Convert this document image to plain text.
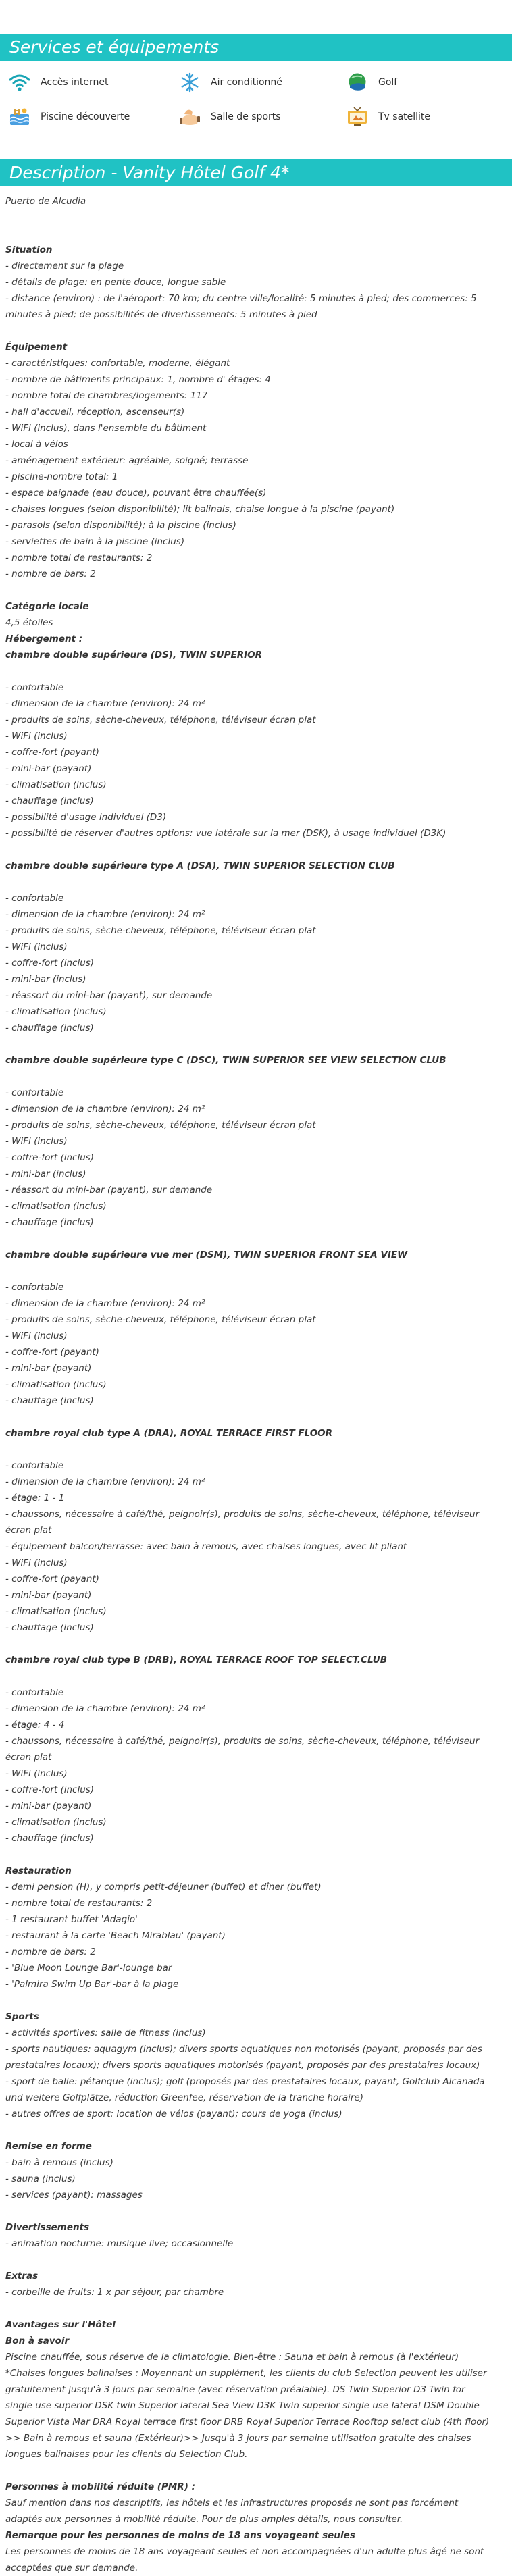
Services et équipements
Accès internet	Air conditionné	Golf
Piscine découverte	Salle de sports	Tv satellite
Description - Vanity Hôtel Golf 4*
Puerto de Alcudia
Situation
- directement sur la plage
- détails de plage: en pente douce, longue sable
- distance (environ) : de l'aéroport: 70 km; du centre ville/localité: 5 minutes à pied; des commerces: 5 minutes à pied; de possibilités de divertissements: 5 minutes à pied
Équipement
- caractéristiques: confortable, moderne, élégant
- nombre de bâtiments principaux: 1, nombre d' étages: 4
- nombre total de chambres/logements: 117
- hall d'accueil, réception, ascenseur(s)
- WiFi (inclus), dans l'ensemble du bâtiment
- local à vélos
- aménagement extérieur: agréable, soigné; terrasse
- piscine-nombre total: 1
- espace baignade (eau douce), pouvant être chauffée(s)
- chaises longues (selon disponibilité); lit balinais, chaise longue à la piscine (payant)
- parasols (selon disponibilité); à la piscine (inclus)
- serviettes de bain à la piscine (inclus)
- nombre total de restaurants: 2
- nombre de bars: 2
Catégorie locale
4,5 étoiles
Hébergement :
chambre double supérieure (DS), TWIN SUPERIOR
- confortable
- dimension de la chambre (environ): 24 m²
- produits de soins, sèche-cheveux, téléphone, téléviseur écran plat
- WiFi (inclus)
- coffre-fort (payant)
- mini-bar (payant)
- climatisation (inclus)
- chauffage (inclus)
- possibilité d'usage individuel (D3)
- possibilité de réserver d'autres options: vue latérale sur la mer (DSK), à usage individuel (D3K)
chambre double supérieure type A (DSA), TWIN SUPERIOR SELECTION CLUB
- confortable
- dimension de la chambre (environ): 24 m²
- produits de soins, sèche-cheveux, téléphone, téléviseur écran plat
- WiFi (inclus)
- coffre-fort (inclus)
- mini-bar (inclus)
- réassort du mini-bar (payant), sur demande
- climatisation (inclus)
- chauffage (inclus)
chambre double supérieure type C (DSC), TWIN SUPERIOR SEE VIEW SELECTION CLUB
- confortable
- dimension de la chambre (environ): 24 m²
- produits de soins, sèche-cheveux, téléphone, téléviseur écran plat
- WiFi (inclus)
- coffre-fort (inclus)
- mini-bar (inclus)
- réassort du mini-bar (payant), sur demande
- climatisation (inclus)
- chauffage (inclus)
chambre double supérieure vue mer (DSM), TWIN SUPERIOR FRONT SEA VIEW
- confortable
- dimension de la chambre (environ): 24 m²
- produits de soins, sèche-cheveux, téléphone, téléviseur écran plat
- WiFi (inclus)
- coffre-fort (payant)
- mini-bar (payant)
- climatisation (inclus)
- chauffage (inclus)
chambre royal club type A (DRA), ROYAL TERRACE FIRST FLOOR
- confortable
- dimension de la chambre (environ): 24 m²
- étage: 1 - 1
- chaussons, nécessaire à café/thé, peignoir(s), produits de soins, sèche-cheveux, téléphone, téléviseur écran plat
- équipement balcon/terrasse: avec bain à remous, avec chaises longues, avec lit pliant
- WiFi (inclus)
- coffre-fort (payant)
- mini-bar (payant)
- climatisation (inclus)
- chauffage (inclus)
chambre royal club type B (DRB), ROYAL TERRACE ROOF TOP SELECT.CLUB
- confortable
- dimension de la chambre (environ): 24 m²
- étage: 4 - 4
- chaussons, nécessaire à café/thé, peignoir(s), produits de soins, sèche-cheveux, téléphone, téléviseur écran plat
- WiFi (inclus)
- coffre-fort (inclus)
- mini-bar (payant)
- climatisation (inclus)
- chauffage (inclus)
Restauration
- demi pension (H), y compris petit-déjeuner (buffet) et dîner (buffet)
- nombre total de restaurants: 2
- 1 restaurant buffet 'Adagio'
- restaurant à la carte 'Beach Mirablau' (payant)
- nombre de bars: 2
- 'Blue Moon Lounge Bar'-lounge bar
- 'Palmira Swim Up Bar'-bar à la plage
Sports
- activités sportives: salle de fitness (inclus)
- sports nautiques: aquagym (inclus); divers sports aquatiques non motorisés (payant, proposés par des prestataires locaux); divers sports aquatiques motorisés (payant, proposés par des prestataires locaux)
- sport de balle: pétanque (inclus); golf (proposés par des prestataires locaux, payant, Golfclub Alcanada und weitere Golfplätze, réduction Greenfee, réservation de la tranche horaire)
- autres offres de sport: location de vélos (payant); cours de yoga (inclus)
Remise en forme
- bain à remous (inclus)
- sauna (inclus)
- services (payant): massages
Divertissements
- animation nocturne: musique live; occasionnelle
Extras
- corbeille de fruits: 1 x par séjour, par chambre
Avantages sur l'Hôtel
Bon à savoir
Piscine chauffée, sous réserve de la climatologie. Bien-être : Sauna et bain à remous (à l'extérieur) *Chaises longues balinaises : Moyennant un supplément, les clients du club Selection peuvent les utiliser gratuitement jusqu'à 3 jours par semaine (avec réservation préalable). DS Twin Superior D3 Twin for single use superior DSK twin Superior lateral Sea View D3K Twin superior single use lateral DSM Double Superior Vista Mar DRA Royal terrace first floor DRB Royal Superior Terrace Rooftop select club (4th floor) >> Bain à remous et sauna (Extérieur)>> Jusqu'à 3 jours par semaine utilisation gratuite des chaises longues balinaises pour les clients du Selection Club.
Personnes à mobilité réduite (PMR) :
Sauf mention dans nos descriptifs, les hôtels et les infrastructures proposés ne sont pas forcément adaptés aux personnes à mobilité réduite. Pour de plus amples détails, nous consulter.
Remarque pour les personnes de moins de 18 ans voyageant seules
Les personnes de moins de 18 ans voyageant seules et non accompagnées d'un adulte plus âgé ne sont acceptées que sur demande.
